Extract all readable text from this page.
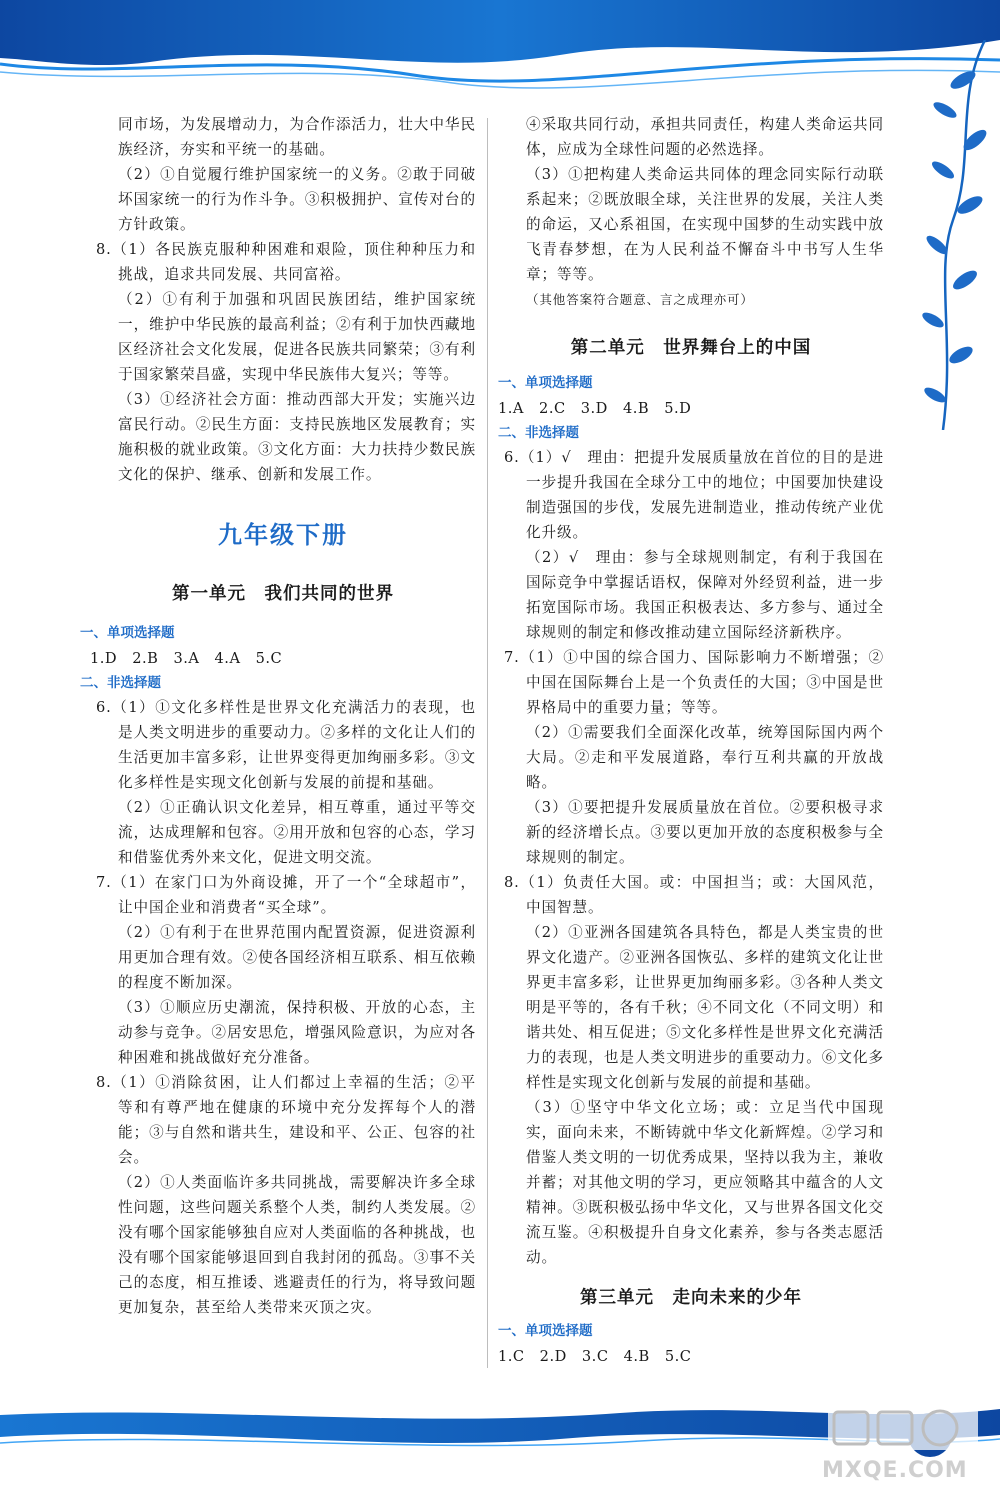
同市场，为发展增动力，为合作添活力，壮大中华民族经济，夯实和平统一的基础。

（2）①自觉履行维护国家统一的义务。②敢于同破坏国家统一的行为作斗争。③积极拥护、宣传对台的方针政策。

8.（1）各民族克服种种困难和艰险，顶住种种压力和挑战，追求共同发展、共同富裕。

（2）①有利于加强和巩固民族团结，维护国家统一，维护中华民族的最高利益；②有利于加快西藏地区经济社会文化发展，促进各民族共同繁荣；③有利于国家繁荣昌盛，实现中华民族伟大复兴；等等。

（3）①经济社会方面：推动西部大开发；实施兴边富民行动。②民生方面：支持民族地区发展教育；实施积极的就业政策。③文化方面：大力扶持少数民族文化的保护、继承、创新和发展工作。

九年级下册

第一单元　我们共同的世界

一、单项选择题

1.D　2.B　3.A　4.A　5.C

二、非选择题

6.（1）①文化多样性是世界文化充满活力的表现，也是人类文明进步的重要动力。②多样的文化让人们的生活更加丰富多彩，让世界变得更加绚丽多彩。③文化多样性是实现文化创新与发展的前提和基础。

（2）①正确认识文化差异，相互尊重，通过平等交流，达成理解和包容。②用开放和包容的心态，学习和借鉴优秀外来文化，促进文明交流。

7.（1）在家门口为外商设摊，开了一个“全球超市”，让中国企业和消费者“买全球”。

（2）①有利于在世界范围内配置资源，促进资源利用更加合理有效。②使各国经济相互联系、相互依赖的程度不断加深。

（3）①顺应历史潮流，保持积极、开放的心态，主动参与竞争。②居安思危，增强风险意识，为应对各种困难和挑战做好充分准备。

8.（1）①消除贫困，让人们都过上幸福的生活；②平等和有尊严地在健康的环境中充分发挥每个人的潜能；③与自然和谐共生，建设和平、公正、包容的社会。

（2）①人类面临许多共同挑战，需要解决许多全球性问题，这些问题关系整个人类，制约人类发展。②没有哪个国家能够独自应对人类面临的各种挑战，也没有哪个国家能够退回到自我封闭的孤岛。③事不关己的态度，相互推诿、逃避责任的行为，将导致问题更加复杂，甚至给人类带来灭顶之灾。

④采取共同行动，承担共同责任，构建人类命运共同体，应成为全球性问题的必然选择。

（3）①把构建人类命运共同体的理念同实际行动联系起来；②既放眼全球，关注世界的发展，关注人类的命运，又心系祖国，在实现中国梦的生动实践中放飞青春梦想，在为人民利益不懈奋斗中书写人生华章；等等。

（其他答案符合题意、言之成理亦可）

第二单元　世界舞台上的中国

一、单项选择题

1.A　2.C　3.D　4.B　5.D

二、非选择题

6.（1）√　理由：把提升发展质量放在首位的目的是进一步提升我国在全球分工中的地位；中国要加快建设制造强国的步伐，发展先进制造业，推动传统产业优化升级。

（2）√　理由：参与全球规则制定，有利于我国在国际竞争中掌握话语权，保障对外经贸利益，进一步拓宽国际市场。我国正积极表达、多方参与、通过全球规则的制定和修改推动建立国际经济新秩序。

7.（1）①中国的综合国力、国际影响力不断增强；②中国在国际舞台上是一个负责任的大国；③中国是世界格局中的重要力量；等等。

（2）①需要我们全面深化改革，统筹国际国内两个大局。②走和平发展道路，奉行互利共赢的开放战略。

（3）①要把提升发展质量放在首位。②要积极寻求新的经济增长点。③要以更加开放的态度积极参与全球规则的制定。

8.（1）负责任大国。或：中国担当；或：大国风范，中国智慧。

（2）①亚洲各国建筑各具特色，都是人类宝贵的世界文化遗产。②亚洲各国恢弘、多样的建筑文化让世界更丰富多彩，让世界更加绚丽多彩。③各种人类文明是平等的，各有千秋；④不同文化（不同文明）和谐共处、相互促进；⑤文化多样性是世界文化充满活力的表现，也是人类文明进步的重要动力。⑥文化多样性是实现文化创新与发展的前提和基础。

（3）①坚守中华文化立场；或：立足当代中国现实，面向未来，不断铸就中华文化新辉煌。②学习和借鉴人类文明的一切优秀成果，坚持以我为主，兼收并蓄；对其他文明的学习，更应领略其中蕴含的人文精神。③既积极弘扬中华文化，又与世界各国文化交流互鉴。④积极提升自身文化素养，参与各类志愿活动。

第三单元　走向未来的少年

一、单项选择题

1.C　2.D　3.C　4.B　5.C

MXQE.COM
